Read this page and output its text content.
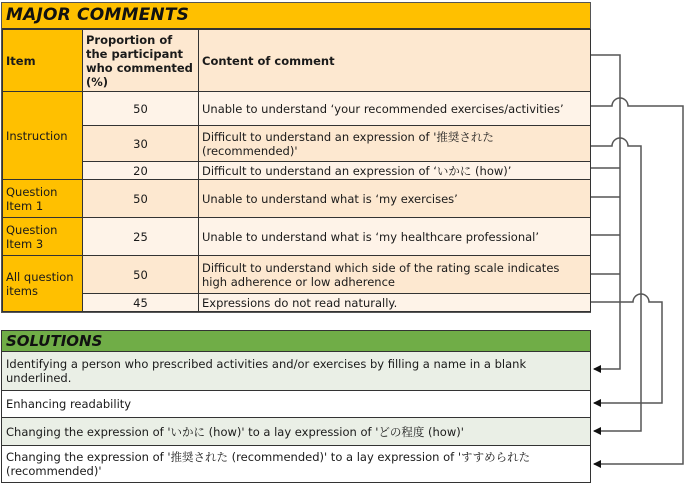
MAJOR COMMENTS
Item	Proportion of the participant who commented (%)	Content of comment
Instruction	50	Unable to understand ‘your recommended exercises/activities’
	30	Difficult to understand an expression of '推奨された (recommended)'
	20	Difficult to understand an expression of ‘いかに (how)’
Question Item 1	50	Unable to understand what is ‘my exercises’
Question Item 3	25	Unable to understand what is ‘my healthcare professional’
All question items	50	Difficult to understand which side of the rating scale indicates high adherence or low adherence
	45	Expressions do not read naturally.
SOLUTIONS
Identifying a person who prescribed activities and/or exercises by filling a name in a blank underlined.
Enhancing readability
Changing the expression of 'いかに (how)' to a lay expression of 'どの程度 (how)'
Changing the expression of '推奨された (recommended)' to a lay expression of 'すすめられた (recommended)'
